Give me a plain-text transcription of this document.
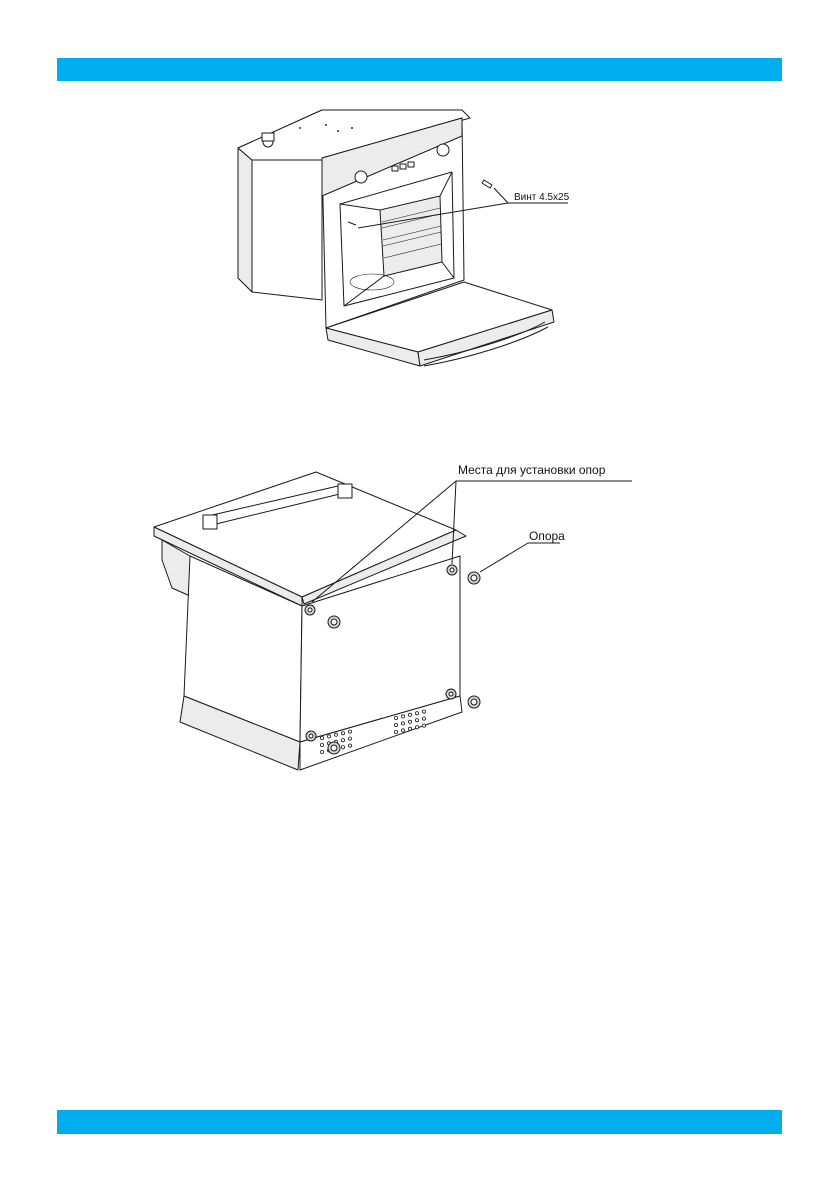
Винт 4.5x25
Места для установки опор
Опора
